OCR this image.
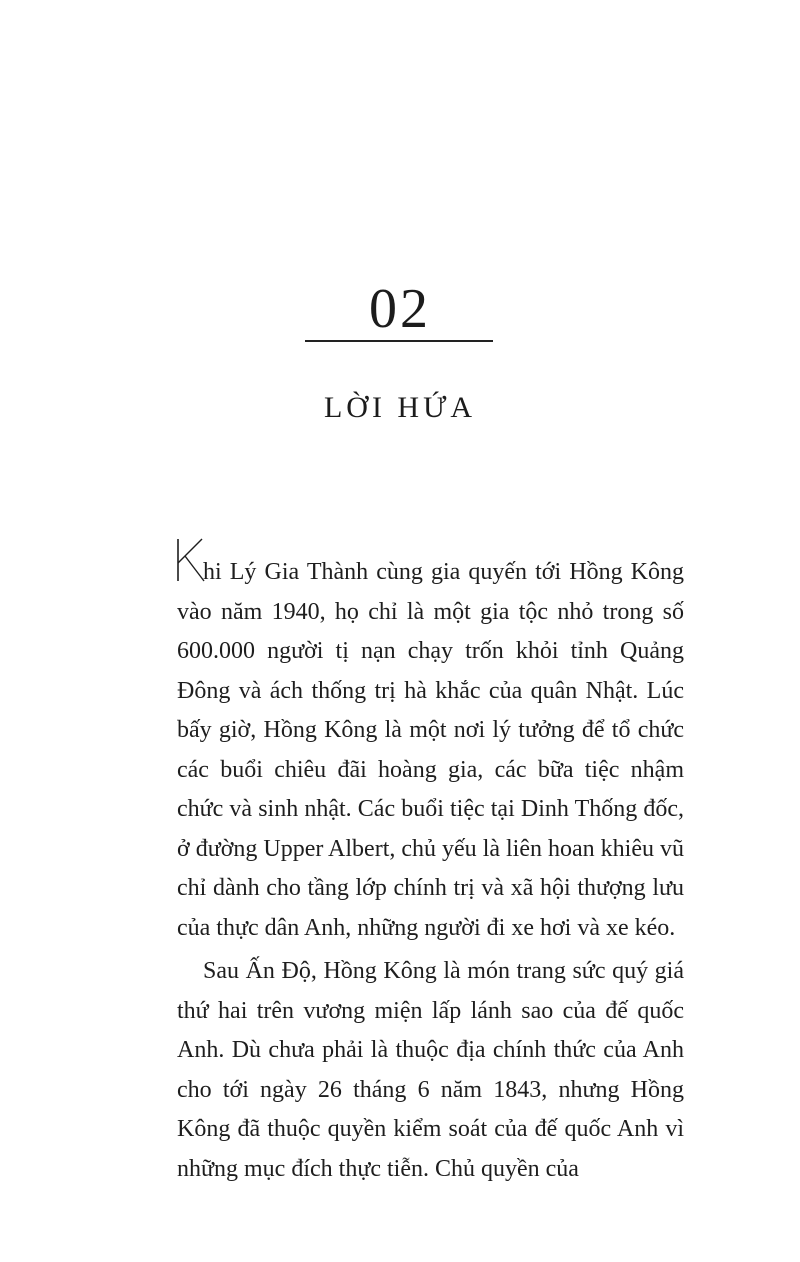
02
LỜI HỨA

hi Lý Gia Thành cùng gia quyến tới Hồng Kông vào năm 1940, họ chỉ là một gia tộc nhỏ trong số 600.000 người tị nạn chạy trốn khỏi tỉnh Quảng Đông và ách thống trị hà khắc của quân Nhật. Lúc bấy giờ, Hồng Kông là một nơi lý tưởng để tổ chức các buổi chiêu đãi hoàng gia, các bữa tiệc nhậm chức và sinh nhật. Các buổi tiệc tại Dinh Thống đốc, ở đường Upper Albert, chủ yếu là liên hoan khiêu vũ chỉ dành cho tầng lớp chính trị và xã hội thượng lưu của thực dân Anh, những người đi xe hơi và xe kéo.

Sau Ấn Độ, Hồng Kông là món trang sức quý giá thứ hai trên vương miện lấp lánh sao của đế quốc Anh. Dù chưa phải là thuộc địa chính thức của Anh cho tới ngày 26 tháng 6 năm 1843, nhưng Hồng Kông đã thuộc quyền kiểm soát của đế quốc Anh vì những mục đích thực tiễn. Chủ quyền của
